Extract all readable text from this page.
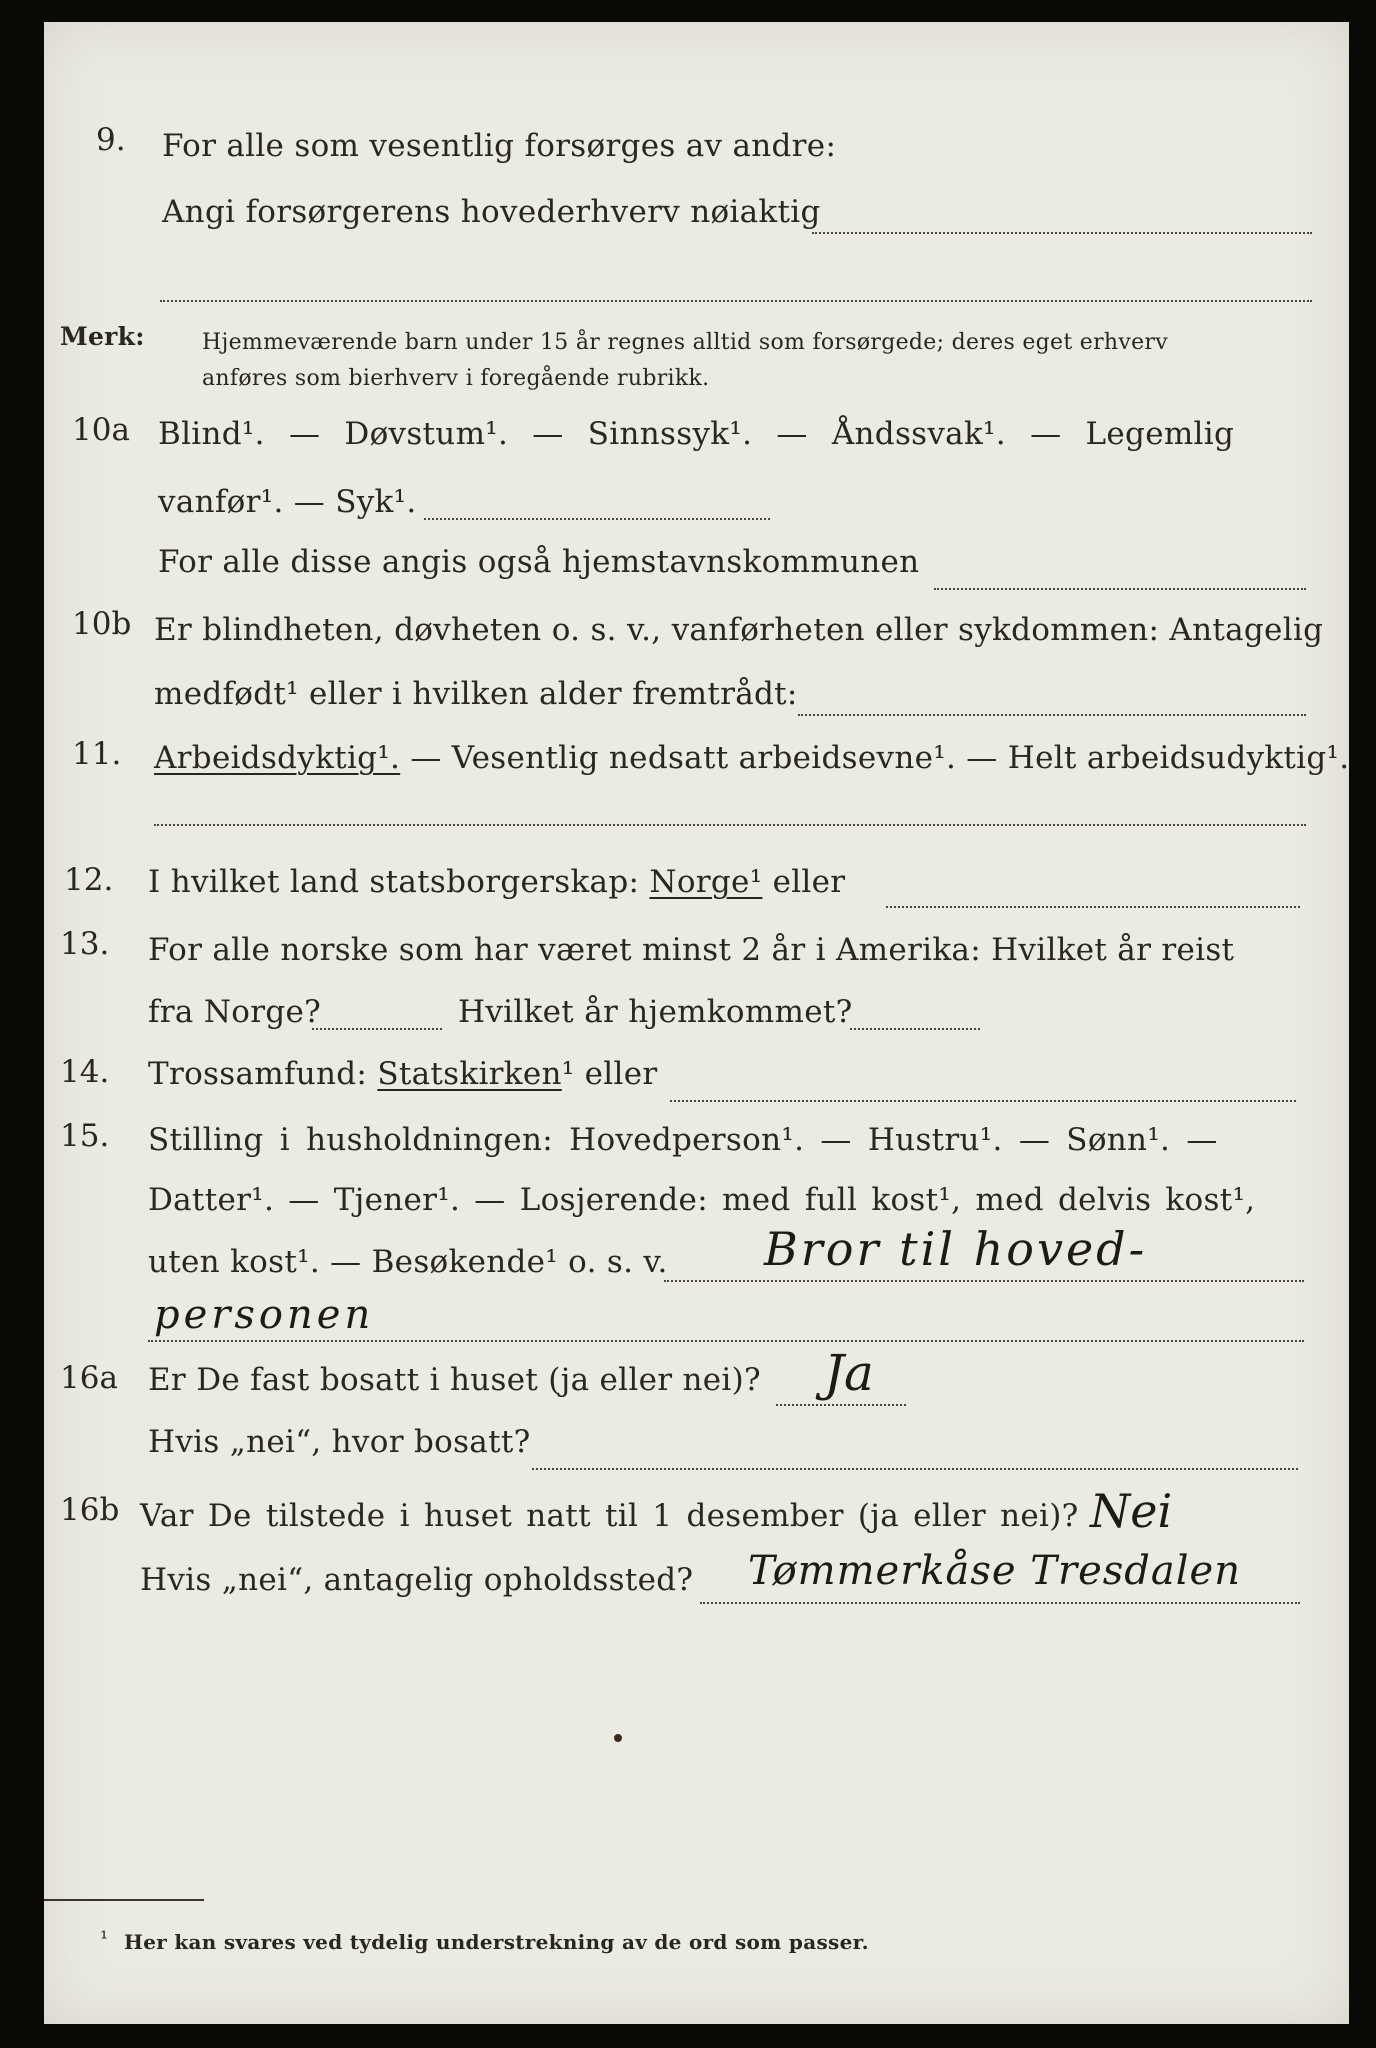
9. For alle som vesentlig forsørges av andre:
Angi forsørgerens hovederhverv nøiaktig
Merk:	Hjemmeværende barn under 15 år regnes alltid som forsørgede; deres eget erhverv
anføres som bierhverv i foregående rubrikk.
10a Blind¹. — Døvstum¹. — Sinnssyk¹. — Åndssvak¹. — Legemlig
vanfør¹. — Syk¹.
For alle disse angis også hjemstavnskommunen
10b Er blindheten, døvheten o. s. v., vanførheten eller sykdommen: Antagelig
medfødt¹ eller i hvilken alder fremtrådt:
11. Arbeidsdyktig¹. — Vesentlig nedsatt arbeidsevne¹. — Helt arbeidsudyktig¹.
12. I hvilket land statsborgerskap: Norge¹ eller
13. For alle norske som har været minst 2 år i Amerika: Hvilket år reist
fra Norge?	Hvilket år hjemkommet?
14. Trossamfund: Statskirken¹ eller
15. Stilling i husholdningen: Hovedperson¹. — Hustru¹. — Sønn¹. —
Datter¹. — Tjener¹. — Losjerende: med full kost¹, med delvis kost¹,
uten kost¹. — Besøkende¹ o. s. v. Bror til hoved-
personen
16a Er De fast bosatt i huset (ja eller nei)? Ja
Hvis „nei“, hvor bosatt?
16b Var De tilstede i huset natt til 1 desember (ja eller nei)? Nei
Hvis „nei“, antagelig opholdssted? Tømmerkåse Tresdalen
¹ Her kan svares ved tydelig understrekning av de ord som passer.
